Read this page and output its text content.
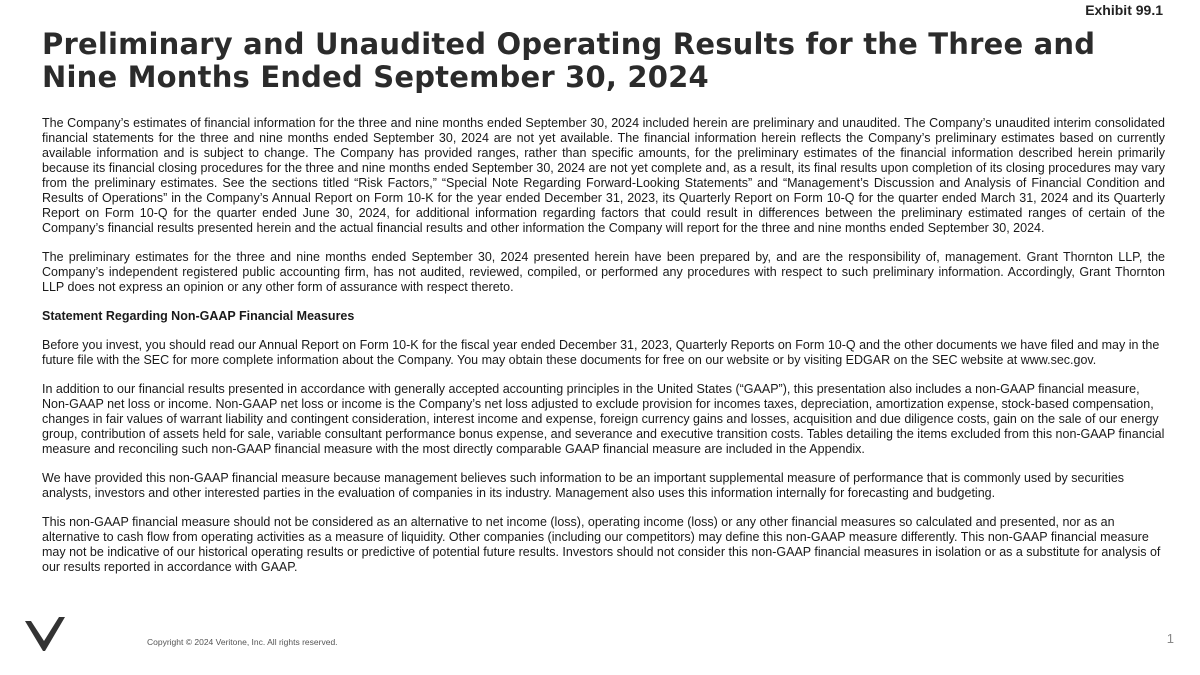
Exhibit 99.1
Preliminary and Unaudited Operating Results for the Three and Nine Months Ended September 30, 2024

The Company’s estimates of financial information for the three and nine months ended September 30, 2024 included herein are preliminary and unaudited. The Company’s unaudited interim consolidated financial statements for the three and nine months ended September 30, 2024 are not yet available. The financial information herein reflects the Company’s preliminary estimates based on currently available information and is subject to change. The Company has provided ranges, rather than specific amounts, for the preliminary estimates of the financial information described herein primarily because its financial closing procedures for the three and nine months ended September 30, 2024 are not yet complete and, as a result, its final results upon completion of its closing procedures may vary from the preliminary estimates. See the sections titled “Risk Factors,” “Special Note Regarding Forward-Looking Statements” and “Management’s Discussion and Analysis of Financial Condition and Results of Operations” in the Company’s Annual Report on Form 10-K for the year ended December 31, 2023, its Quarterly Report on Form 10-Q for the quarter ended March 31, 2024 and its Quarterly Report on Form 10-Q for the quarter ended June 30, 2024, for additional information regarding factors that could result in differences between the preliminary estimated ranges of certain of the Company’s financial results presented herein and the actual financial results and other information the Company will report for the three and nine months ended September 30, 2024.

The preliminary estimates for the three and nine months ended September 30, 2024 presented herein have been prepared by, and are the responsibility of, management. Grant Thornton LLP, the Company’s independent registered public accounting firm, has not audited, reviewed, compiled, or performed any procedures with respect to such preliminary information. Accordingly, Grant Thornton LLP does not express an opinion or any other form of assurance with respect thereto.

Statement Regarding Non-GAAP Financial Measures

Before you invest, you should read our Annual Report on Form 10-K for the fiscal year ended December 31, 2023, Quarterly Reports on Form 10-Q and the other documents we have filed and may in the future file with the SEC for more complete information about the Company. You may obtain these documents for free on our website or by visiting EDGAR on the SEC website at www.sec.gov.

In addition to our financial results presented in accordance with generally accepted accounting principles in the United States (“GAAP”), this presentation also includes a non-GAAP financial measure, Non-GAAP net loss or income. Non-GAAP net loss or income is the Company’s net loss adjusted to exclude provision for incomes taxes, depreciation, amortization expense, stock-based compensation, changes in fair values of warrant liability and contingent consideration, interest income and expense, foreign currency gains and losses, acquisition and due diligence costs, gain on the sale of our energy group, contribution of assets held for sale, variable consultant performance bonus expense, and severance and executive transition costs. Tables detailing the items excluded from this non-GAAP financial measure and reconciling such non-GAAP financial measure with the most directly comparable GAAP financial measure are included in the Appendix.

We have provided this non-GAAP financial measure because management believes such information to be an important supplemental measure of performance that is commonly used by securities analysts, investors and other interested parties in the evaluation of companies in its industry. Management also uses this information internally for forecasting and budgeting.

This non-GAAP financial measure should not be considered as an alternative to net income (loss), operating income (loss) or any other financial measures so calculated and presented, nor as an alternative to cash flow from operating activities as a measure of liquidity. Other companies (including our competitors) may define this non-GAAP measure differently. This non-GAAP financial measure may not be indicative of our historical operating results or predictive of potential future results. Investors should not consider this non-GAAP financial measures in isolation or as a substitute for analysis of our results reported in accordance with GAAP.

Copyright © 2024 Veritone, Inc. All rights reserved.	1
